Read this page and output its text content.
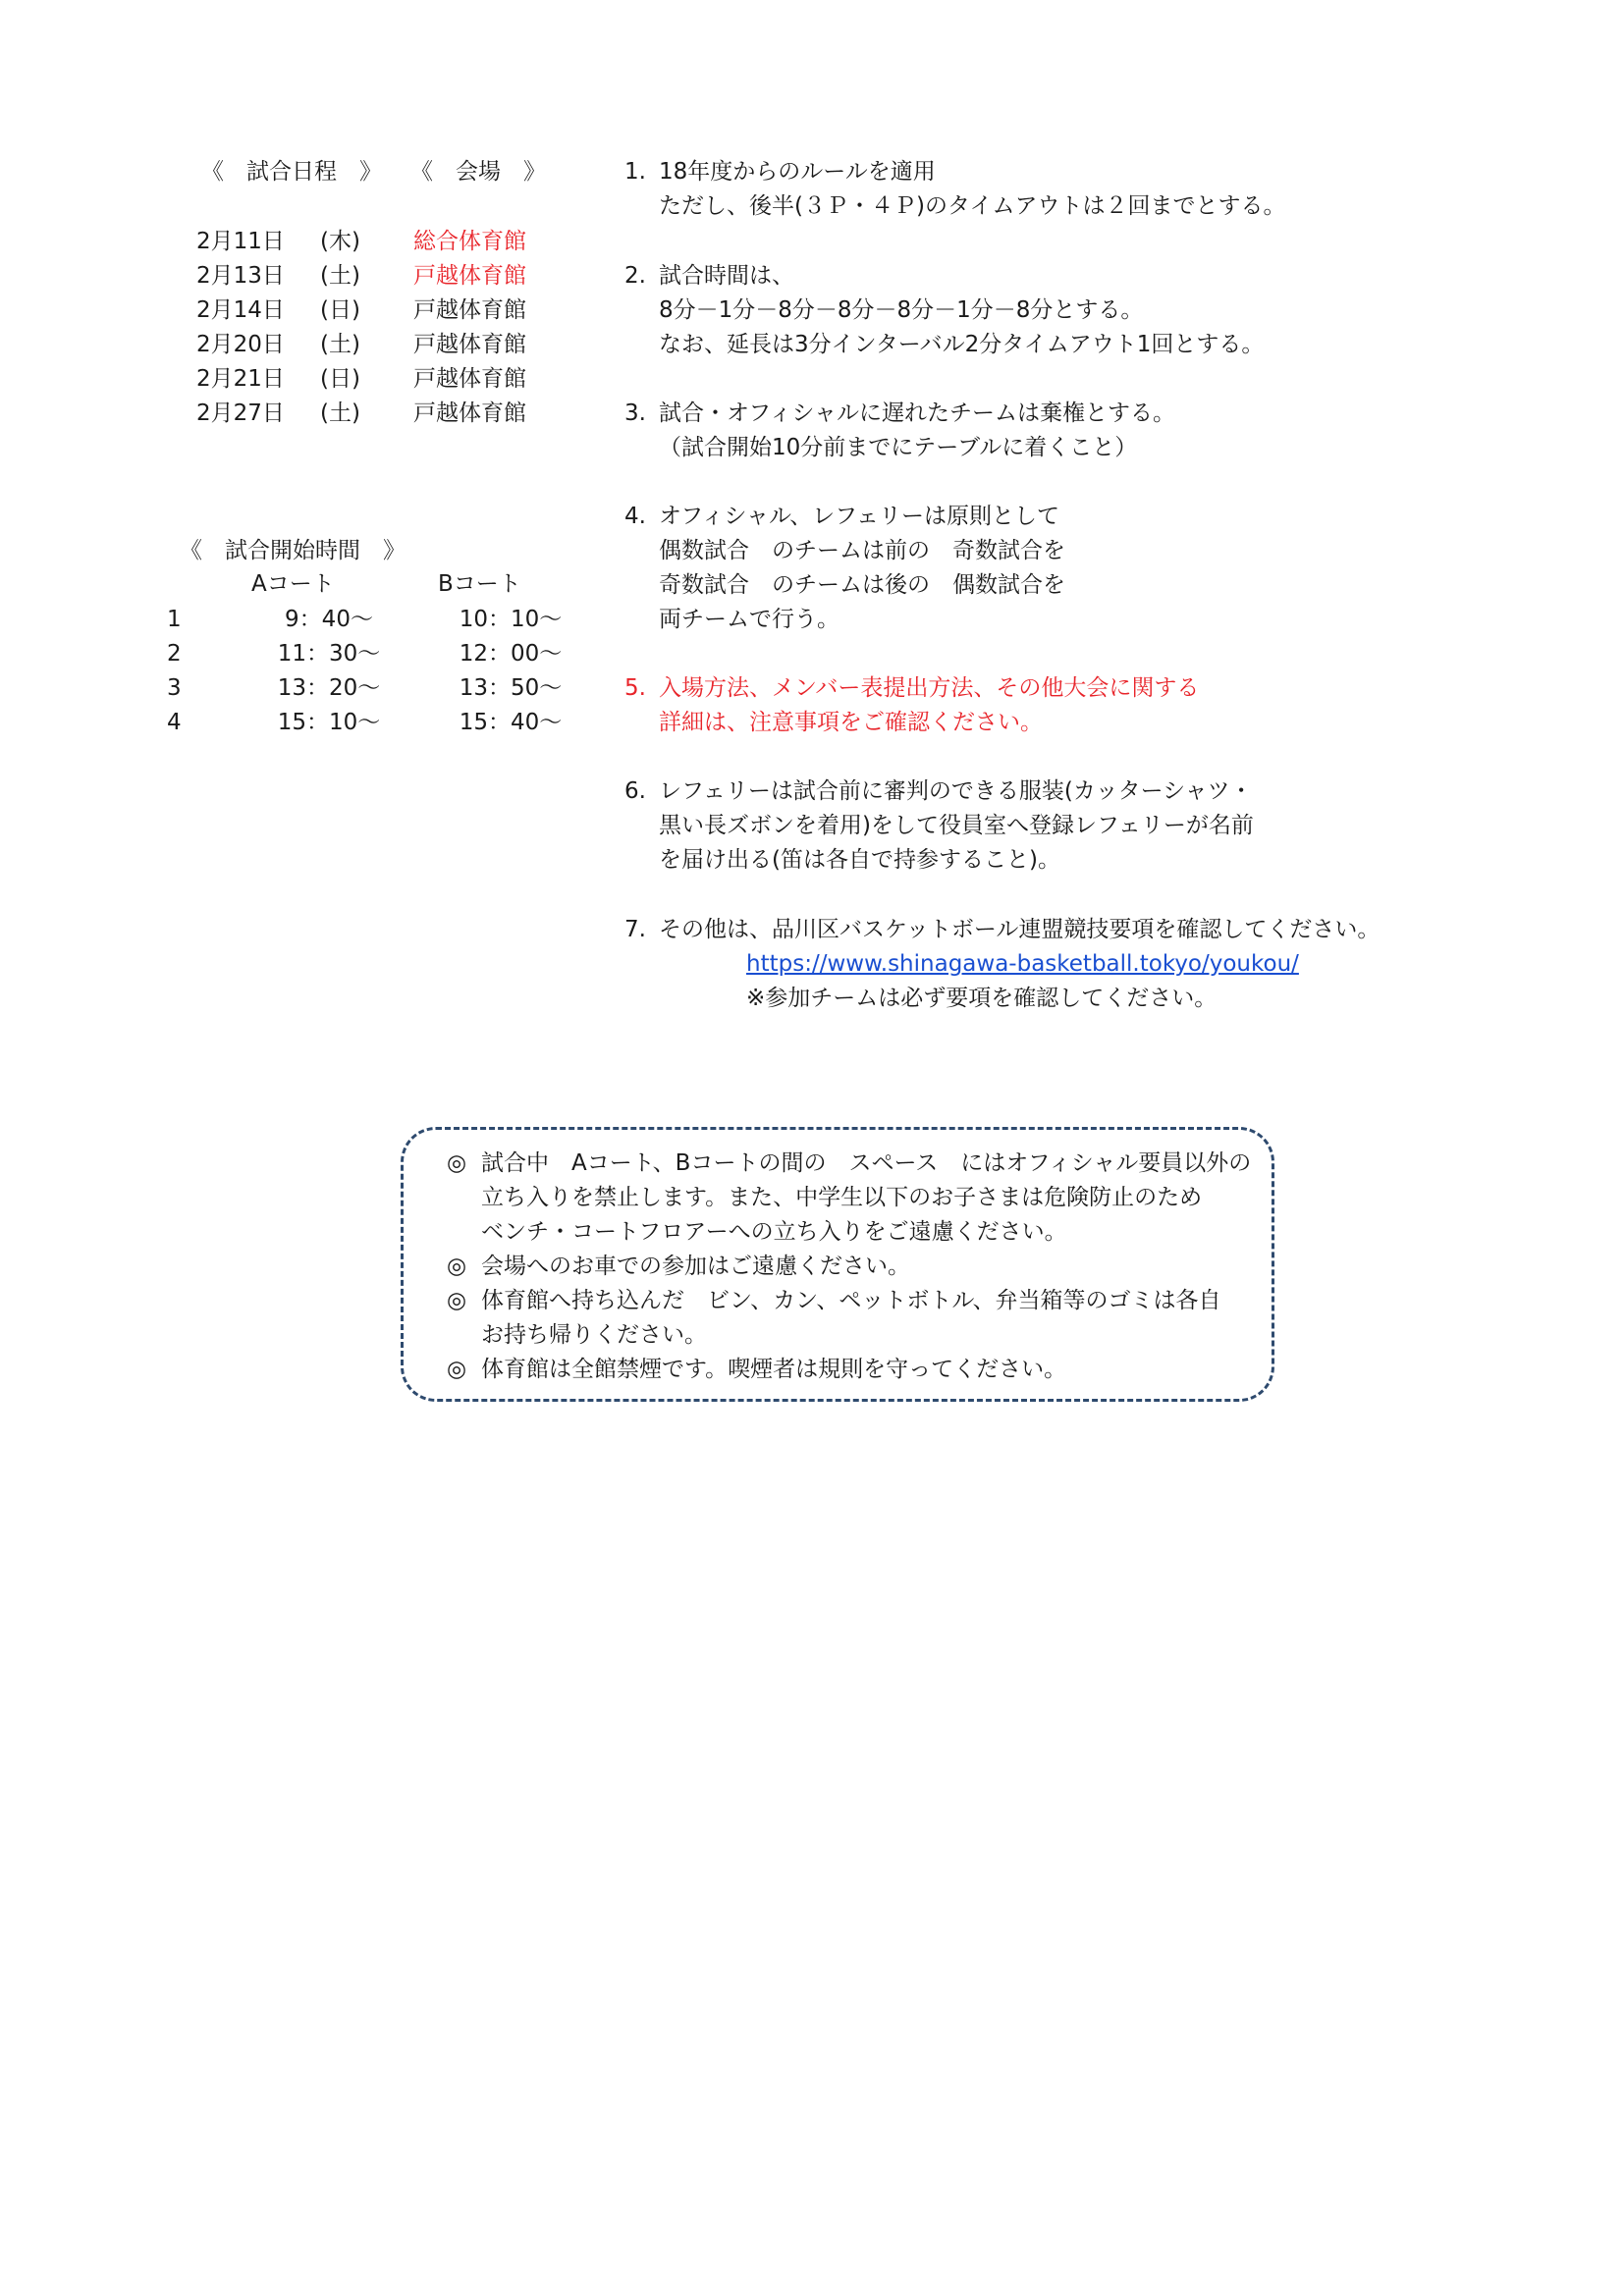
《　試合日程　》 《　会場　》
2月11日 (木) 総合体育館
2月13日 (土) 戸越体育館
2月14日 (日) 戸越体育館
2月20日 (土) 戸越体育館
2月21日 (日) 戸越体育館
2月27日 (土) 戸越体育館
《　試合開始時間　》
Aコート	Bコート
1	9：40～	10：10～
2	11：30～	12：00～
3	13：20～	13：50～
4	15：10～	15：40～
1. 18年度からのルールを適用
ただし、後半(３Ｐ・４Ｐ)のタイムアウトは２回までとする。
2. 試合時間は、
8分－1分－8分－8分－8分－1分－8分とする。
なお、延長は3分インターバル2分タイムアウト1回とする。
3. 試合・オフィシャルに遅れたチームは棄権とする。
（試合開始10分前までにテーブルに着くこと）
4. オフィシャル、レフェリーは原則として
偶数試合　のチームは前の　奇数試合を
奇数試合　のチームは後の　偶数試合を
両チームで行う。
5. 入場方法、メンバー表提出方法、その他大会に関する
詳細は、注意事項をご確認ください。
6. レフェリーは試合前に審判のできる服装(カッターシャツ・
黒い長ズボンを着用)をして役員室へ登録レフェリーが名前
を届け出る(笛は各自で持参すること)。
7. その他は、品川区バスケットボール連盟競技要項を確認してください。
https://www.shinagawa-basketball.tokyo/youkou/
※参加チームは必ず要項を確認してください。
◎ 試合中　Aコート、Bコートの間の　スペース　にはオフィシャル要員以外の
立ち入りを禁止します。また、中学生以下のお子さまは危険防止のため
ベンチ・コートフロアーへの立ち入りをご遠慮ください。
◎ 会場へのお車での参加はご遠慮ください。
◎ 体育館へ持ち込んだ　ビン、カン、ペットボトル、弁当箱等のゴミは各自
お持ち帰りください。
◎ 体育館は全館禁煙です。喫煙者は規則を守ってください。
